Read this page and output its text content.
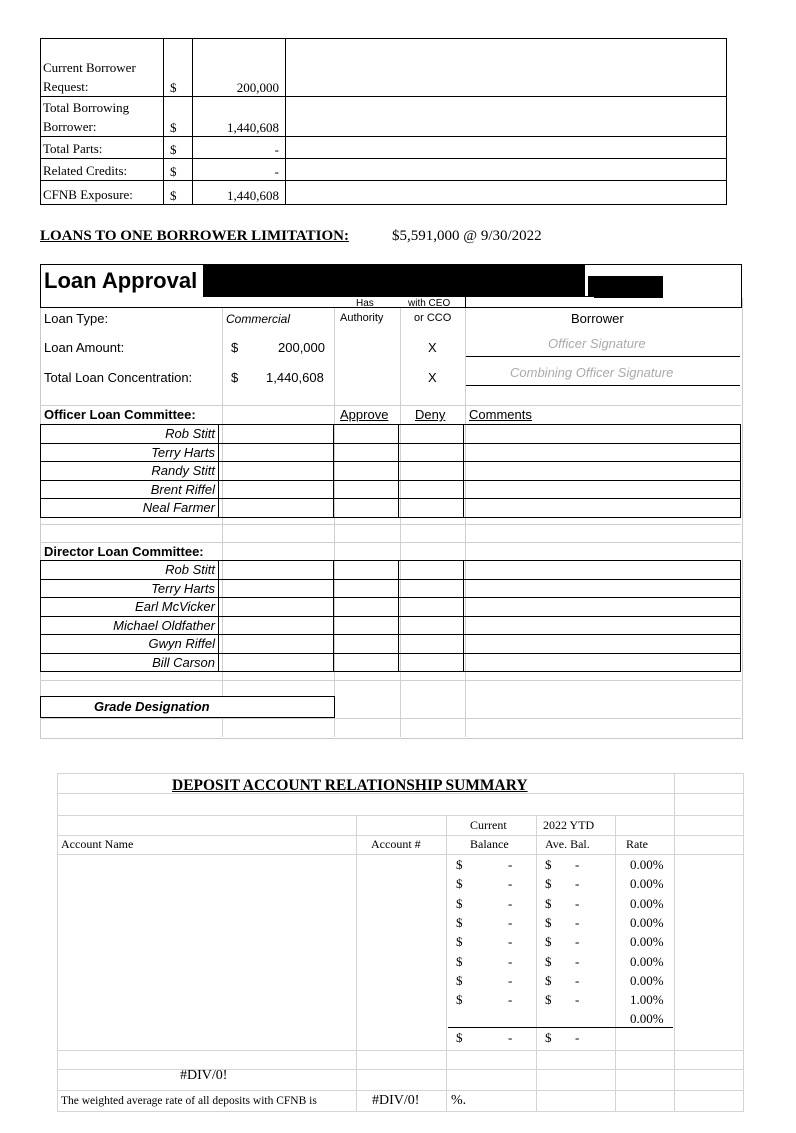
Current Borrower
Request:	$	200,000	
Total Borrowing
Borrower:	$	1,440,608	
Total Parts:	$	-	
Related Credits:	$	-	
CFNB Exposure:	$	1,440,608	
LOANS TO ONE BORROWER LIMITATION:	$5,591,000 @ 9/30/2022
Loan Approval
Has
Authority
with CEO
or CCO
Loan Type:	Commercial	Borrower
Loan Amount:	$	200,000	X	Officer Signature
Total Loan Concentration:	$ 1,440,608	X	Combining Officer Signature
Officer Loan Committee:	Approve Deny Comments
Rob Stitt				
Terry Harts				
Randy Stitt				
Brent Riffel				
Neal Farmer				
Director Loan Committee:
Rob Stitt				
Terry Harts				
Earl McVicker				
Michael Oldfather				
Gwyn Riffel				
Bill Carson				
Grade Designation
DEPOSIT ACCOUNT RELATIONSHIP SUMMARY
Current	2022 YTD
Account Name	Account #	Balance	Ave. Bal.	Rate
$	-	$ -	0.00%
$	-	$ -	0.00%
$	-	$ -	0.00%
$	-	$ -	0.00%
$	-	$ -	0.00%
$	-	$ -	0.00%
$	-	$ -	0.00%
$	-	$ -	1.00%
0.00%
$	-	$ -
#DIV/0!
The weighted average rate of all deposits with CFNB is	#DIV/0! %.
